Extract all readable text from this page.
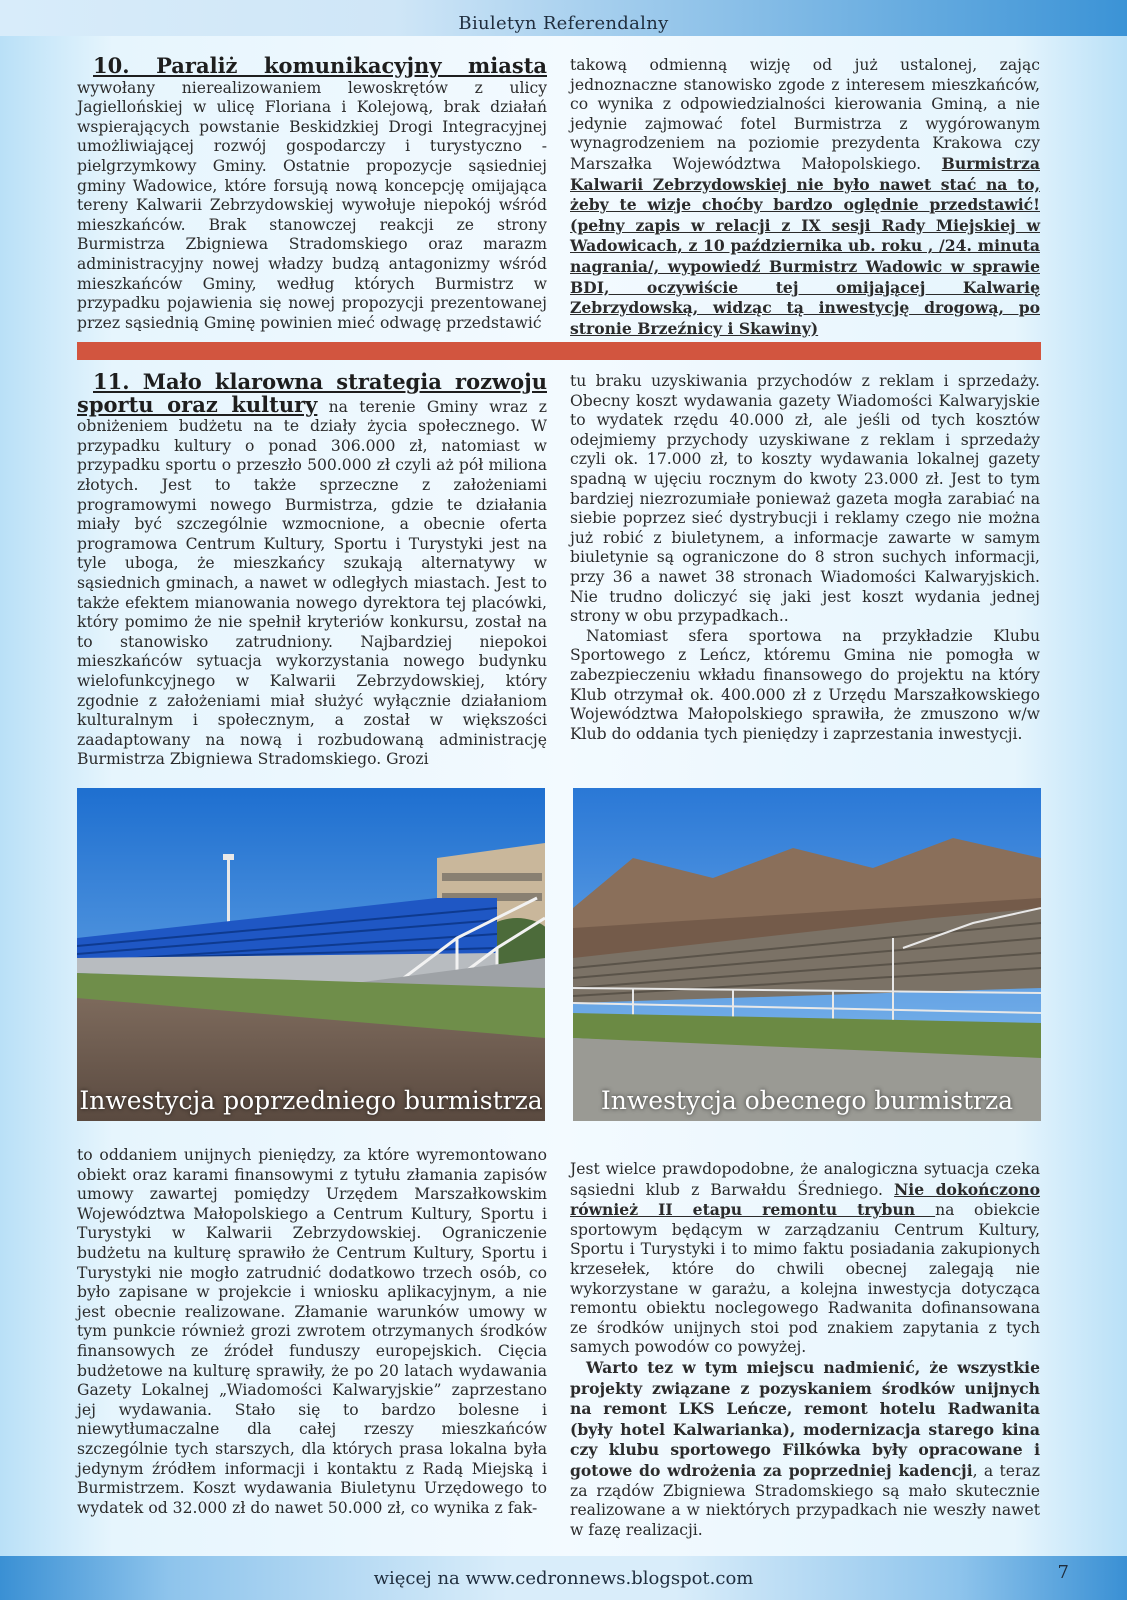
Biuletyn Referendalny

10. Paraliż komunikacyjny miasta wywołany nierealizowaniem lewoskrętów z ulicy Jagiellońskiej w ulicę Floriana i Kolejową, brak działań wspierających powstanie Beskidzkiej Drogi Integracyjnej umożliwiającej rozwój gospodarczy i turystyczno - pielgrzymkowy Gminy. Ostatnie propozycje sąsiedniej gminy Wadowice, które forsują nową koncepcję omijająca tereny Kalwarii Zebrzydowskiej wywołuje niepokój wśród mieszkańców. Brak stanowczej reakcji ze strony Burmistrza Zbigniewa Stradomskiego oraz marazm administracyjny nowej władzy budzą antagonizmy wśród mieszkańców Gminy, według których Burmistrz w przypadku pojawienia się nowej propozycji prezentowanej przez sąsiednią Gminę powinien mieć odwagę przedstawić

takową odmienną wizję od już ustalonej, zając jednoznaczne stanowisko zgode z interesem mieszkańców, co wynika z odpowiedzialności kierowania Gminą, a nie jedynie zajmować fotel Burmistrza z wygórowanym wynagrodzeniem na poziomie prezydenta Krakowa czy Marszałka Województwa Małopolskiego. Burmistrza Kalwarii Zebrzydowskiej nie było nawet stać na to, żeby te wizje choćby bardzo oględnie przedstawić! (pełny zapis w relacji z IX sesji Rady Miejskiej w Wadowicach, z 10 października ub. roku , /24. minuta nagrania/, wypowiedź Burmistrz Wadowic w sprawie BDI, oczywiście tej omijającej Kalwarię Zebrzydowską, widząc tą inwestycję drogową, po stronie Brzeźnicy i Skawiny)

11. Mało klarowna strategia rozwoju sportu oraz kultury na terenie Gminy wraz z obniżeniem budżetu na te działy życia społecznego. W przypadku kultury o ponad 306.000 zł, natomiast w przypadku sportu o przeszło 500.000 zł czyli aż pół miliona złotych. Jest to także sprzeczne z założeniami programowymi nowego Burmistrza, gdzie te działania miały być szczególnie wzmocnione, a obecnie oferta programowa Centrum Kultury, Sportu i Turystyki jest na tyle uboga, że mieszkańcy szukają alternatywy w sąsiednich gminach, a nawet w odległych miastach. Jest to także efektem mianowania nowego dyrektora tej placówki, który pomimo że nie spełnił kryteriów konkursu, został na to stanowisko zatrudniony. Najbardziej niepokoi mieszkańców sytuacja wykorzystania nowego budynku wielofunkcyjnego w Kalwarii Zebrzydowskiej, który zgodnie z założeniami miał służyć wyłącznie działaniom kulturalnym i społecznym, a został w większości zaadaptowany na nową i rozbudowaną administrację Burmistrza Zbigniewa Stradomskiego. Grozi

tu braku uzyskiwania przychodów z reklam i sprzedaży. Obecny koszt wydawania gazety Wiadomości Kalwaryjskie to wydatek rzędu 40.000 zł, ale jeśli od tych kosztów odejmiemy przychody uzyskiwane z reklam i sprzedaży czyli ok. 17.000 zł, to koszty wydawania lokalnej gazety spadną w ujęciu rocznym do kwoty 23.000 zł. Jest to tym bardziej niezrozumiałe ponieważ gazeta mogła zarabiać na siebie poprzez sieć dystrybucji i reklamy czego nie można już robić z biuletynem, a informacje zawarte w samym biuletynie są ograniczone do 8 stron suchych informacji, przy 36 a nawet 38 stronach Wiadomości Kalwaryjskich. Nie trudno doliczyć się jaki jest koszt wydania jednej strony w obu przypadkach..

Natomiast sfera sportowa na przykładzie Klubu Sportowego z Leńcz, któremu Gmina nie pomogła w zabezpieczeniu wkładu finansowego do projektu na który Klub otrzymał ok. 400.000 zł z Urzędu Marszałkowskiego Województwa Małopolskiego sprawiła, że zmuszono w/w Klub do oddania tych pieniędzy i zaprzestania inwestycji.

Inwestycja poprzedniego burmistrza	Inwestycja obecnego burmistrza

to oddaniem unijnych pieniędzy, za które wyremontowano obiekt oraz karami finansowymi z tytułu złamania zapisów umowy zawartej pomiędzy Urzędem Marszałkowskim Województwa Małopolskiego a Centrum Kultury, Sportu i Turystyki w Kalwarii Zebrzydowskiej. Ograniczenie budżetu na kulturę sprawiło że Centrum Kultury, Sportu i Turystyki nie mogło zatrudnić dodatkowo trzech osób, co było zapisane w projekcie i wniosku aplikacyjnym, a nie jest obecnie realizowane. Złamanie warunków umowy w tym punkcie również grozi zwrotem otrzymanych środków finansowych ze źródeł funduszy europejskich. Cięcia budżetowe na kulturę sprawiły, że po 20 latach wydawania Gazety Lokalnej „Wiadomości Kalwaryjskie” zaprzestano jej wydawania. Stało się to bardzo bolesne i niewytłumaczalne dla całej rzeszy mieszkańców szczególnie tych starszych, dla których prasa lokalna była jedynym źródłem informacji i kontaktu z Radą Miejską i Burmistrzem. Koszt wydawania Biuletynu Urzędowego to wydatek od 32.000 zł do nawet 50.000 zł, co wynika z fak-

Jest wielce prawdopodobne, że analogiczna sytuacja czeka sąsiedni klub z Barwałdu Średniego. Nie dokończono również II etapu remontu trybun na obiekcie sportowym będącym w zarządzaniu Centrum Kultury, Sportu i Turystyki i to mimo faktu posiadania zakupionych krzesełek, które do chwili obecnej zalegają nie wykorzystane w garażu, a kolejna inwestycja dotycząca remontu obiektu noclegowego Radwanita dofinansowana ze środków unijnych stoi pod znakiem zapytania z tych samych powodów co powyżej.

Warto tez w tym miejscu nadmienić, że wszystkie projekty związane z pozyskaniem środków unijnych na remont LKS Leńcze, remont hotelu Radwanita (były hotel Kalwarianka), modernizacja starego kina czy klubu sportowego Filkówka były opracowane i gotowe do wdrożenia za poprzedniej kadencji, a teraz za rządów Zbigniewa Stradomskiego są mało skutecznie realizowane a w niektórych przypadkach nie weszły nawet w fazę realizacji.

więcej na www.cedronnews.blogspot.com	7
